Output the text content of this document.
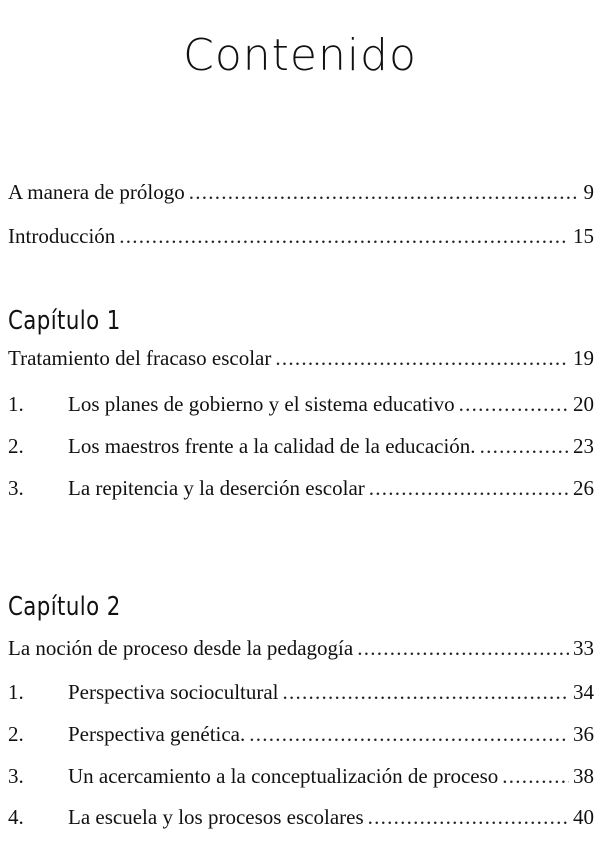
Contenido
A manera de prólogo . . .	9
Introducción . . .	15
Capítulo 1
Tratamiento del fracaso escolar . . .	19
1.	Los planes de gobierno y el sistema educativo . . .	20
2.	Los maestros frente a la calidad de la educación. . . .	23
3.	La repitencia y la deserción escolar . . .	26
Capítulo 2
La noción de proceso desde la pedagogía . . .	33
1.	Perspectiva sociocultural . . .	34
2.	Perspectiva genética. . . .	36
3.	Un acercamiento a la conceptualización de proceso . . .	38
4.	La escuela y los procesos escolares . . .	40
